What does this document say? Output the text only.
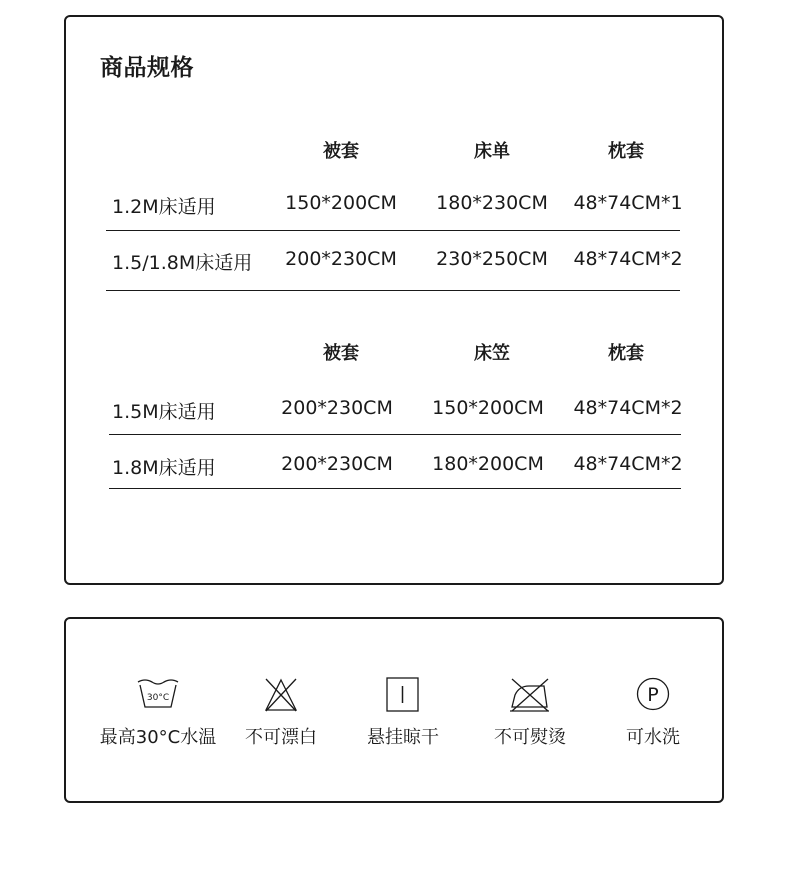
商品规格
被套	床单	枕套
1.2M床适用	150*200CM 180*230CM 48*74CM*1
1.5/1.8M床适用 200*230CM 230*250CM 48*74CM*2
被套	床笠	枕套
1.5M床适用	200*230CM 150*200CM 48*74CM*2
1.8M床适用	200*230CM 180*200CM 48*74CM*2
30°C
最高30°C水温	不可漂白	悬挂晾干	不可熨烫
P
可水洗
